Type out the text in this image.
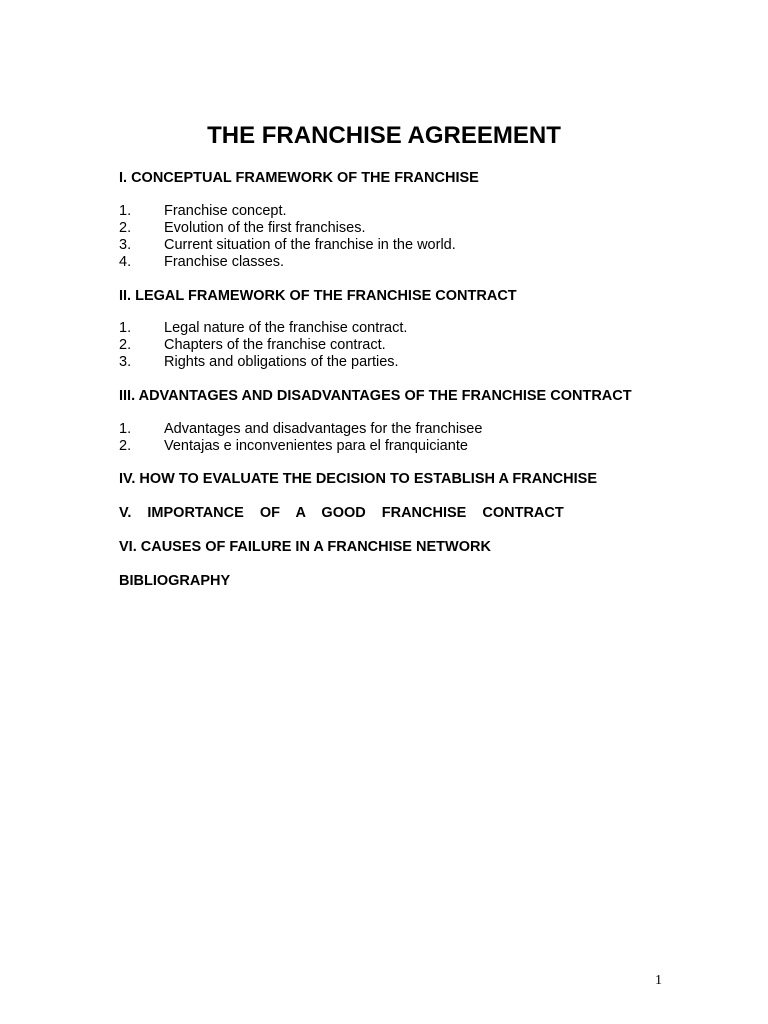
THE FRANCHISE AGREEMENT
I. CONCEPTUAL FRAMEWORK OF THE FRANCHISE
1. Franchise concept.
2. Evolution of the first franchises.
3. Current situation of the franchise in the world.
4. Franchise classes.
II. LEGAL FRAMEWORK OF THE FRANCHISE CONTRACT
1. Legal nature of the franchise contract.
2. Chapters of the franchise contract.
3. Rights and obligations of the parties.
III. ADVANTAGES AND DISADVANTAGES OF THE FRANCHISE CONTRACT
1. Advantages and disadvantages for the franchisee
2. Ventajas e inconvenientes para el franquiciante
IV. HOW TO EVALUATE THE DECISION TO ESTABLISH A FRANCHISE
V. IMPORTANCE OF A GOOD FRANCHISE CONTRACT
VI. CAUSES OF FAILURE IN A FRANCHISE NETWORK
BIBLIOGRAPHY
1
